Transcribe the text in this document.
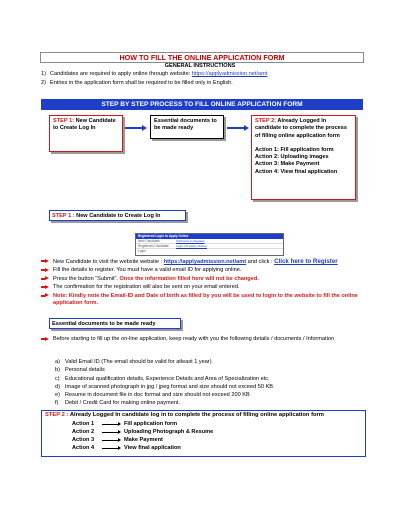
HOW TO FILL THE ONLINE APPLICATION FORM
GENERAL INSTRUCTIONS
1) Candidates are required to apply online through website: https://applyadmission.net/amt
2) Entries in the application form shall be required to be filled only in English.
STEP BY STEP PROCESS TO FILL ONLINE APPLICATION FORM
STEP 1: New Candidate to Create Log In
Essential documents to be made ready
STEP 2: Already Logged In candidate to complete the process of filling online application form
Action 1: Fill application form
Action 2: Uploading images
Action 3: Make Payment
Action 4: View final application
STEP 1 : New Candidate to Create Log In
Registered Login to Apply Online
New Candidate	Click here to Register
Registered Candidate Login
Login (To Apply Online)
New Candidate to visit the website website : https://applyadmission.net/amt and click : Click here to Register
Fill the details to register. You must have a valid email ID for applying online.
Press the button “Submit”. Once the information filled here will not be changed.
The confirmation for the registration will also be sent on your email entered.
Note: Kindly note the Email-ID and Date of birth as filled by you will be used to login to the website to fill the online application form.
Essential documents to be made ready
Before starting to fill up the on-line application, keep ready with you the following details / documents / Information
a) Valid Email ID (The email should be valid for atleast 1 year)
b) Personal details
c) Educational qualification details, Experience Details and Area of Specialization etc.
d) Image of scanned photograph in jpg / jpeg format and size should not exceed 50 KB
e) Resume in document file in doc format and size should not exceed 200 KB
f)	Debit / Credit Card for making online payment.
STEP 2 : Already Logged In candidate log in to complete the process of filling online application form
Action 1	Fill application form
Action 2	Uploading Photograph & Resume
Action 3	Make Payment
Action 4	View final application
